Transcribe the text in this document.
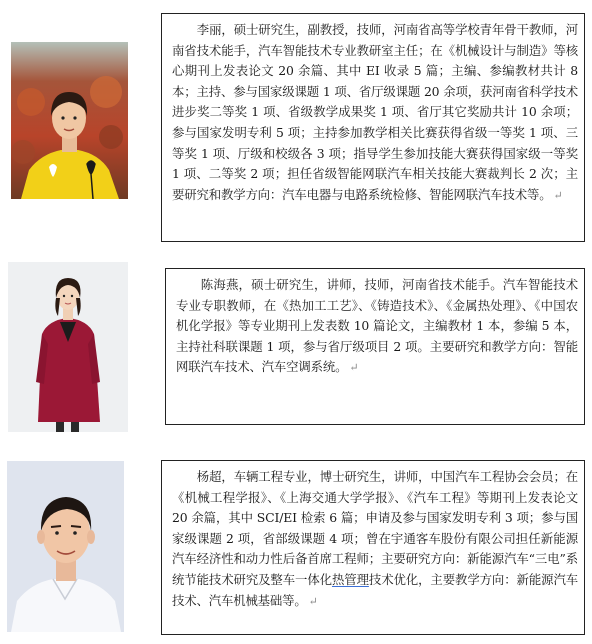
李丽，硕士研究生，副教授，技师，河南省高等学校青年骨干教师，河南省技术能手，汽车智能技术专业教研室主任；在《机械设计与制造》等核心期刊上发表论文 20 余篇、其中 EI 收录 5 篇；主编、参编教材共计 8 本；主持、参与国家级课题 1 项、省厅级课题 20 余项，获河南省科学技术进步奖二等奖 1 项、省级教学成果奖 1 项、省厅其它奖励共计 10 余项；参与国家发明专利 5 项；主持参加教学相关比赛获得省级一等奖 1 项、三等奖 1 项、厅级和校级各 3 项；指导学生参加技能大赛获得国家级一等奖 1 项、二等奖 2 项；担任省级智能网联汽车相关技能大赛裁判长 2 次；主要研究和教学方向：汽车电器与电路系统检修、智能网联汽车技术等。 ↵

陈海燕，硕士研究生，讲师，技师，河南省技术能手。汽车智能技术专业专职教师，在《热加工工艺》、《铸造技术》、《金属热处理》、《中国农机化学报》等专业期刊上发表数 10 篇论文，主编教材 1 本，参编 5 本，主持社科联课题 1 项，参与省厅级项目 2 项。主要研究和教学方向：智能网联汽车技术、汽车空调系统。 ↵

杨超，车辆工程专业，博士研究生，讲师，中国汽车工程协会会员；在《机械工程学报》、《上海交通大学学报》、《汽车工程》等期刊上发表论文 20 余篇，其中 SCI/EI 检索 6 篇；申请及参与国家发明专利 3 项；参与国家级课题 2 项，省部级课题 4 项；曾在宇通客车股份有限公司担任新能源汽车经济性和动力性后备首席工程师；主要研究方向：新能源汽车“三电”系统节能技术研究及整车一体化热管理技术优化，主要教学方向：新能源汽车技术、汽车机械基础等。 ↵
